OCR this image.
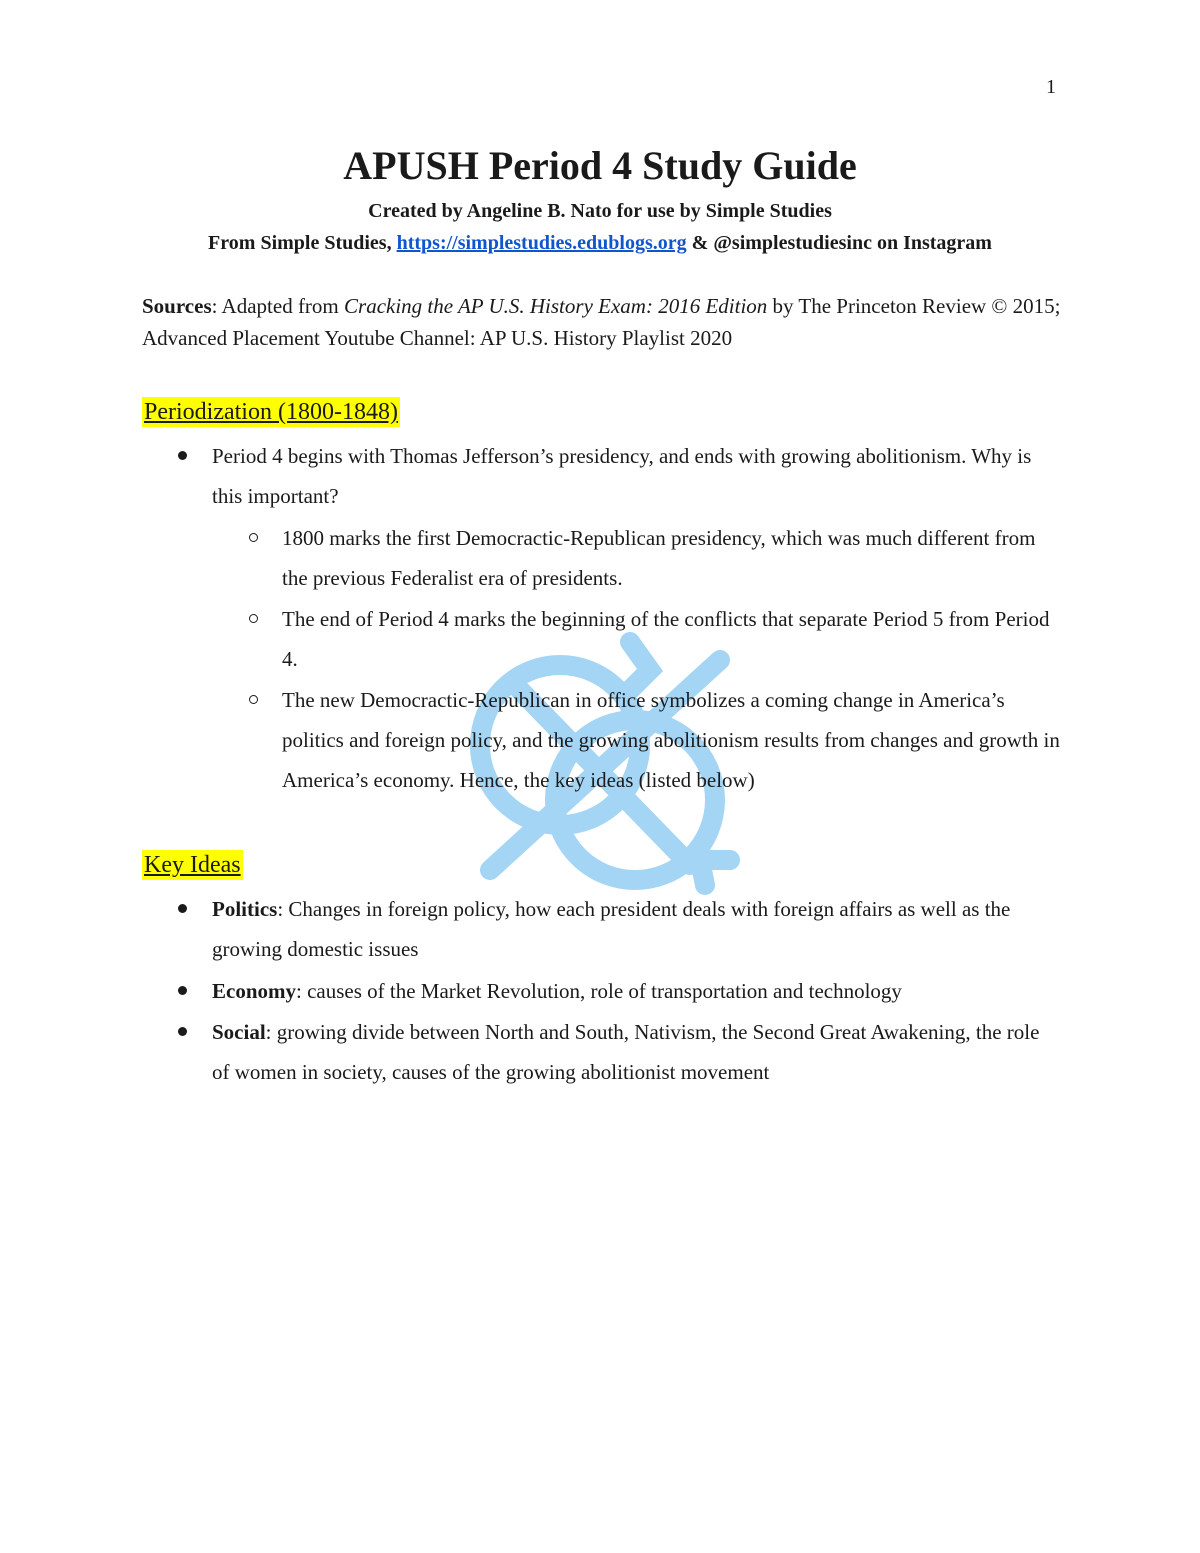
1
APUSH Period 4 Study Guide
Created by Angeline B. Nato for use by Simple Studies
From Simple Studies, https://simplestudies.edublogs.org & @simplestudiesinc on Instagram
Sources: Adapted from Cracking the AP U.S. History Exam: 2016 Edition by The Princeton Review © 2015; Advanced Placement Youtube Channel: AP U.S. History Playlist 2020
Periodization (1800-1848)
Period 4 begins with Thomas Jefferson’s presidency, and ends with growing abolitionism. Why is this important?
1800 marks the first Democractic-Republican presidency, which was much different from the previous Federalist era of presidents.
The end of Period 4 marks the beginning of the conflicts that separate Period 5 from Period 4.
The new Democractic-Republican in office symbolizes a coming change in America’s politics and foreign policy, and the growing abolitionism results from changes and growth in America’s economy. Hence, the key ideas (listed below)
Key Ideas
Politics: Changes in foreign policy, how each president deals with foreign affairs as well as the growing domestic issues
Economy: causes of the Market Revolution, role of transportation and technology
Social: growing divide between North and South, Nativism, the Second Great Awakening, the role of women in society, causes of the growing abolitionist movement
